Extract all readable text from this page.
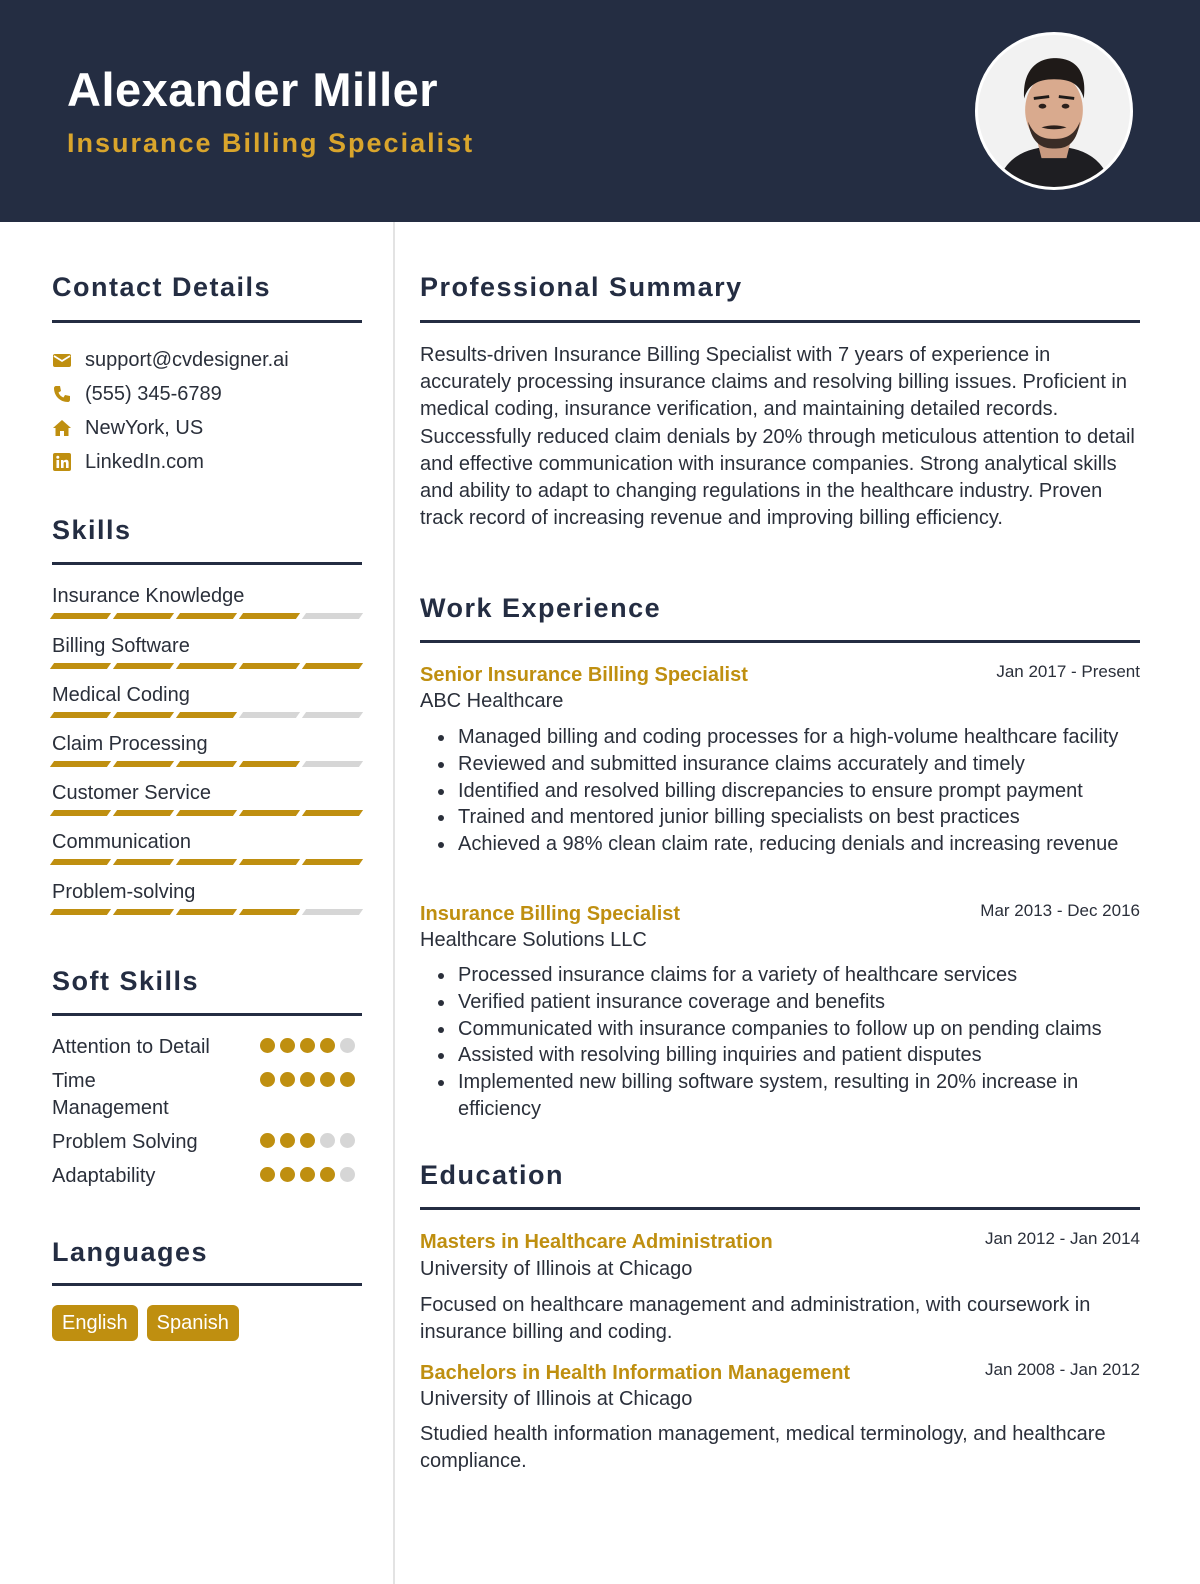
Alexander Miller
Insurance Billing Specialist
Contact Details
support@cvdesigner.ai
(555) 345-6789
NewYork, US
LinkedIn.com
Skills
Insurance Knowledge
Billing Software
Medical Coding
Claim Processing
Customer Service
Communication
Problem-solving
Soft Skills
Attention to Detail
Time Management
Problem Solving
Adaptability
Languages
English	Spanish
Professional Summary
Results-driven Insurance Billing Specialist with 7 years of experience in accurately processing insurance claims and resolving billing issues. Proficient in medical coding, insurance verification, and maintaining detailed records. Successfully reduced claim denials by 20% through meticulous attention to detail and effective communication with insurance companies. Strong analytical skills and ability to adapt to changing regulations in the healthcare industry. Proven track record of increasing revenue and improving billing efficiency.
Work Experience
Senior Insurance Billing Specialist	Jan 2017 - Present
ABC Healthcare
Managed billing and coding processes for a high-volume healthcare facility
Reviewed and submitted insurance claims accurately and timely
Identified and resolved billing discrepancies to ensure prompt payment
Trained and mentored junior billing specialists on best practices
Achieved a 98% clean claim rate, reducing denials and increasing revenue
Insurance Billing Specialist	Mar 2013 - Dec 2016
Healthcare Solutions LLC
Processed insurance claims for a variety of healthcare services
Verified patient insurance coverage and benefits
Communicated with insurance companies to follow up on pending claims
Assisted with resolving billing inquiries and patient disputes
Implemented new billing software system, resulting in 20% increase in efficiency
Education
Masters in Healthcare Administration	Jan 2012 - Jan 2014
University of Illinois at Chicago
Focused on healthcare management and administration, with coursework in insurance billing and coding.
Bachelors in Health Information Management	Jan 2008 - Jan 2012
University of Illinois at Chicago
Studied health information management, medical terminology, and healthcare compliance.
